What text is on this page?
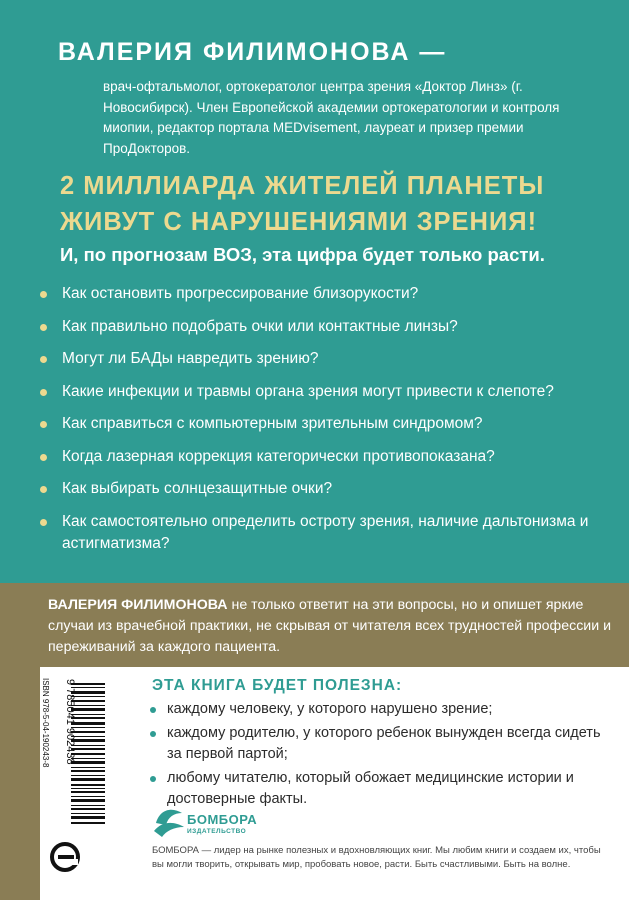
ВАЛЕРИЯ ФИЛИМОНОВА —
врач-офтальмолог, ортокератолог центра зрения «Доктор Линз» (г. Новосибирск). Член Европейской академии ортокератологии и контроля миопии, редактор портала MEDvisement, лауреат и призер премии ПроДокторов.
2 МИЛЛИАРДА ЖИТЕЛЕЙ ПЛАНЕТЫ ЖИВУТ С НАРУШЕНИЯМИ ЗРЕНИЯ!
И, по прогнозам ВОЗ, эта цифра будет только расти.
Как остановить прогрессирование близорукости?
Как правильно подобрать очки или контактные линзы?
Могут ли БАДы навредить зрению?
Какие инфекции и травмы органа зрения могут привести к слепоте?
Как справиться с компьютерным зрительным синдромом?
Когда лазерная коррекция категорически противопоказана?
Как выбирать солнцезащитные очки?
Как самостоятельно определить остроту зрения, наличие дальтонизма и астигматизма?
ВАЛЕРИЯ ФИЛИМОНОВА не только ответит на эти вопросы, но и опишет яркие случаи из врачебной практики, не скрывая от читателя всех трудностей профессии и переживаний за каждого пациента.
9 785041 902438
ISBN 978-5-04-190243-8	ЭТА КНИГА БУДЕТ ПОЛЕЗНА:
каждому человеку, у которого нарушено зрение;
каждому родителю, у которого ребенок вынужден всегда сидеть за первой партой;
любому читателю, который обожает медицинские истории и достоверные факты.
БОМБОРА
ИЗДАТЕЛЬСТВО
БОМБОРА — лидер на рынке полезных и вдохновляющих книг. Мы любим книги и создаем их, чтобы вы могли творить, открывать мир, пробовать новое, расти. Быть счастливыми. Быть на волне.
